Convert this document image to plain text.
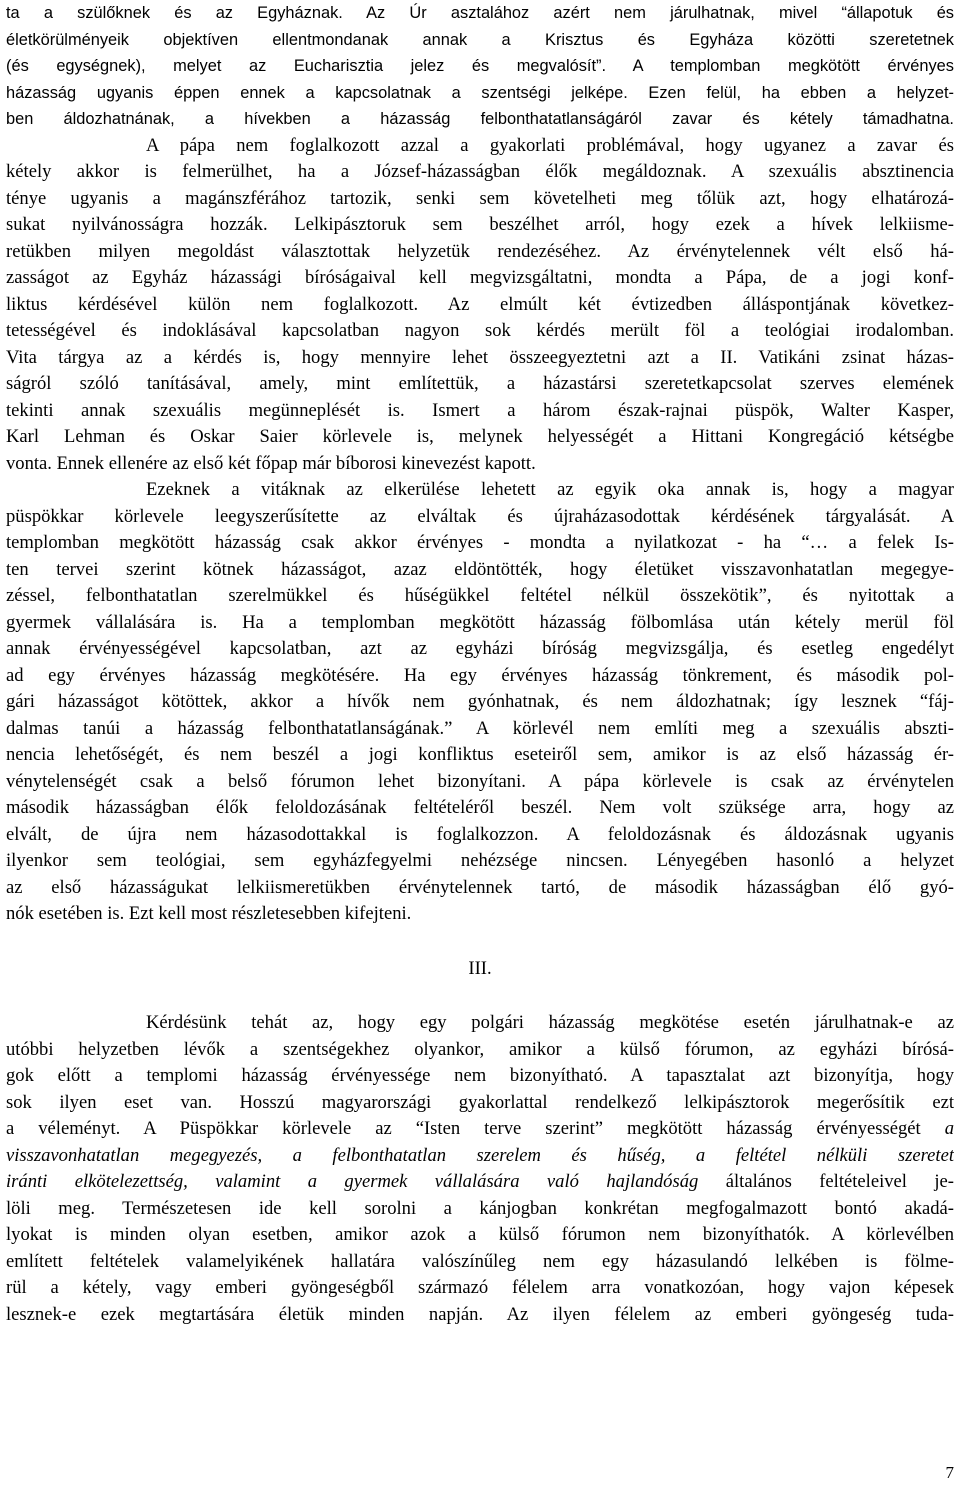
ta a szülőknek és az Egyháznak. Az Úr asztalához azért nem járulhatnak, mivel “állapotuk és
életkörülményeik objektíven ellentmondanak annak a Krisztus és Egyháza közötti szeretetnek
(és egységnek), melyet az Eucharisztia jelez és megvalósít”. A templomban megkötött érvényes
házasság ugyanis éppen ennek a kapcsolatnak a szentségi jelképe. Ezen felül, ha ebben a helyzet-
ben áldozhatnának, a hívekben a házasság felbonthatatlanságáról zavar és kétely támadhatna.
A pápa nem foglalkozott azzal a gyakorlati problémával, hogy ugyanez a zavar és
kétely akkor is felmerülhet, ha a József-házasságban élők megáldoznak. A szexuális absztinencia
ténye ugyanis a magánszférához tartozik, senki sem követelheti meg tőlük azt, hogy elhatározá-
sukat nyilvánosságra hozzák. Lelkipásztoruk sem beszélhet arról, hogy ezek a hívek lelkiisme-
retükben milyen megoldást választottak helyzetük rendezéséhez. Az érvénytelennek vélt első há-
zasságot az Egyház házassági bíróságaival kell megvizsgáltatni, mondta a Pápa, de a jogi konf-
liktus kérdésével külön nem foglalkozott. Az elmúlt két évtizedben álláspontjának következ-
tetességével és indoklásával kapcsolatban nagyon sok kérdés merült föl a teológiai irodalomban.
Vita tárgya az a kérdés is, hogy mennyire lehet összeegyeztetni azt a II. Vatikáni zsinat házas-
ságról szóló tanításával, amely, mint említettük, a házastársi szeretetkapcsolat szerves elemének
tekinti annak szexuális megünneplését is. Ismert a három észak-rajnai püspök, Walter Kasper,
Karl Lehman és Oskar Saier körlevele is, melynek helyességét a Hittani Kongregáció kétségbe
vonta. Ennek ellenére az első két főpap már bíborosi kinevezést kapott.
Ezeknek a vitáknak az elkerülése lehetett az egyik oka annak is, hogy a magyar
püspökkar körlevele leegyszerűsítette az elváltak és újraházasodottak kérdésének tárgyalását. A
templomban megkötött házasság csak akkor érvényes - mondta a nyilatkozat - ha “… a felek Is-
ten tervei szerint kötnek házasságot, azaz eldöntötték, hogy életüket visszavonhatatlan megegye-
zéssel, felbonthatatlan szerelmükkel és hűségükkel feltétel nélkül összekötik”, és nyitottak a
gyermek vállalására is. Ha a templomban megkötött házasság fölbomlása után kétely merül föl
annak érvényességével kapcsolatban, azt az egyházi bíróság megvizsgálja, és esetleg engedélyt
ad egy érvényes házasság megkötésére. Ha egy érvényes házasság tönkrement, és második pol-
gári házasságot kötöttek, akkor a hívők nem gyónhatnak, és nem áldozhatnak; így lesznek “fáj-
dalmas tanúi a házasság felbonthatatlanságának.” A körlevél nem említi meg a szexuális abszti-
nencia lehetőségét, és nem beszél a jogi konfliktus eseteiről sem, amikor is az első házasság ér-
vénytelenségét csak a belső fórumon lehet bizonyítani. A pápa körlevele is csak az érvénytelen
második házasságban élők feloldozásának feltételéről beszél. Nem volt szüksége arra, hogy az
elvált, de újra nem házasodottakkal is foglalkozzon. A feloldozásnak és áldozásnak ugyanis
ilyenkor sem teológiai, sem egyházfegyelmi nehézsége nincsen. Lényegében hasonló a helyzet
az első házasságukat lelkiismeretükben érvénytelennek tartó, de második házasságban élő gyó-
nók esetében is. Ezt kell most részletesebben kifejteni.
III.
Kérdésünk tehát az, hogy egy polgári házasság megkötése esetén járulhatnak-e az
utóbbi helyzetben lévők a szentségekhez olyankor, amikor a külső fórumon, az egyházi bírósá-
gok előtt a templomi házasság érvényessége nem bizonyítható. A tapasztalat azt bizonyítja, hogy
sok ilyen eset van. Hosszú magyarországi gyakorlattal rendelkező lelkipásztorok megerősítik ezt
a véleményt. A Püspökkar körlevele az “Isten terve szerint” megkötött házasság érvényességét a
visszavonhatatlan megegyezés, a felbonthatatlan szerelem és hűség, a feltétel nélküli szeretet
iránti elkötelezettség, valamint a gyermek vállalására való hajlandóság általános feltételeivel je-
löli meg. Természetesen ide kell sorolni a kánjogban konkrétan megfogalmazott bontó akadá-
lyokat is minden olyan esetben, amikor azok a külső fórumon nem bizonyíthatók. A körlevélben
említett feltételek valamelyikének hallatára valószínűleg nem egy házasulandó lelkében is fölme-
rül a kétely, vagy emberi gyöngeségből származó félelem arra vonatkozóan, hogy vajon képesek
lesznek-e ezek megtartására életük minden napján. Az ilyen félelem az emberi gyöngeség tuda-
7
